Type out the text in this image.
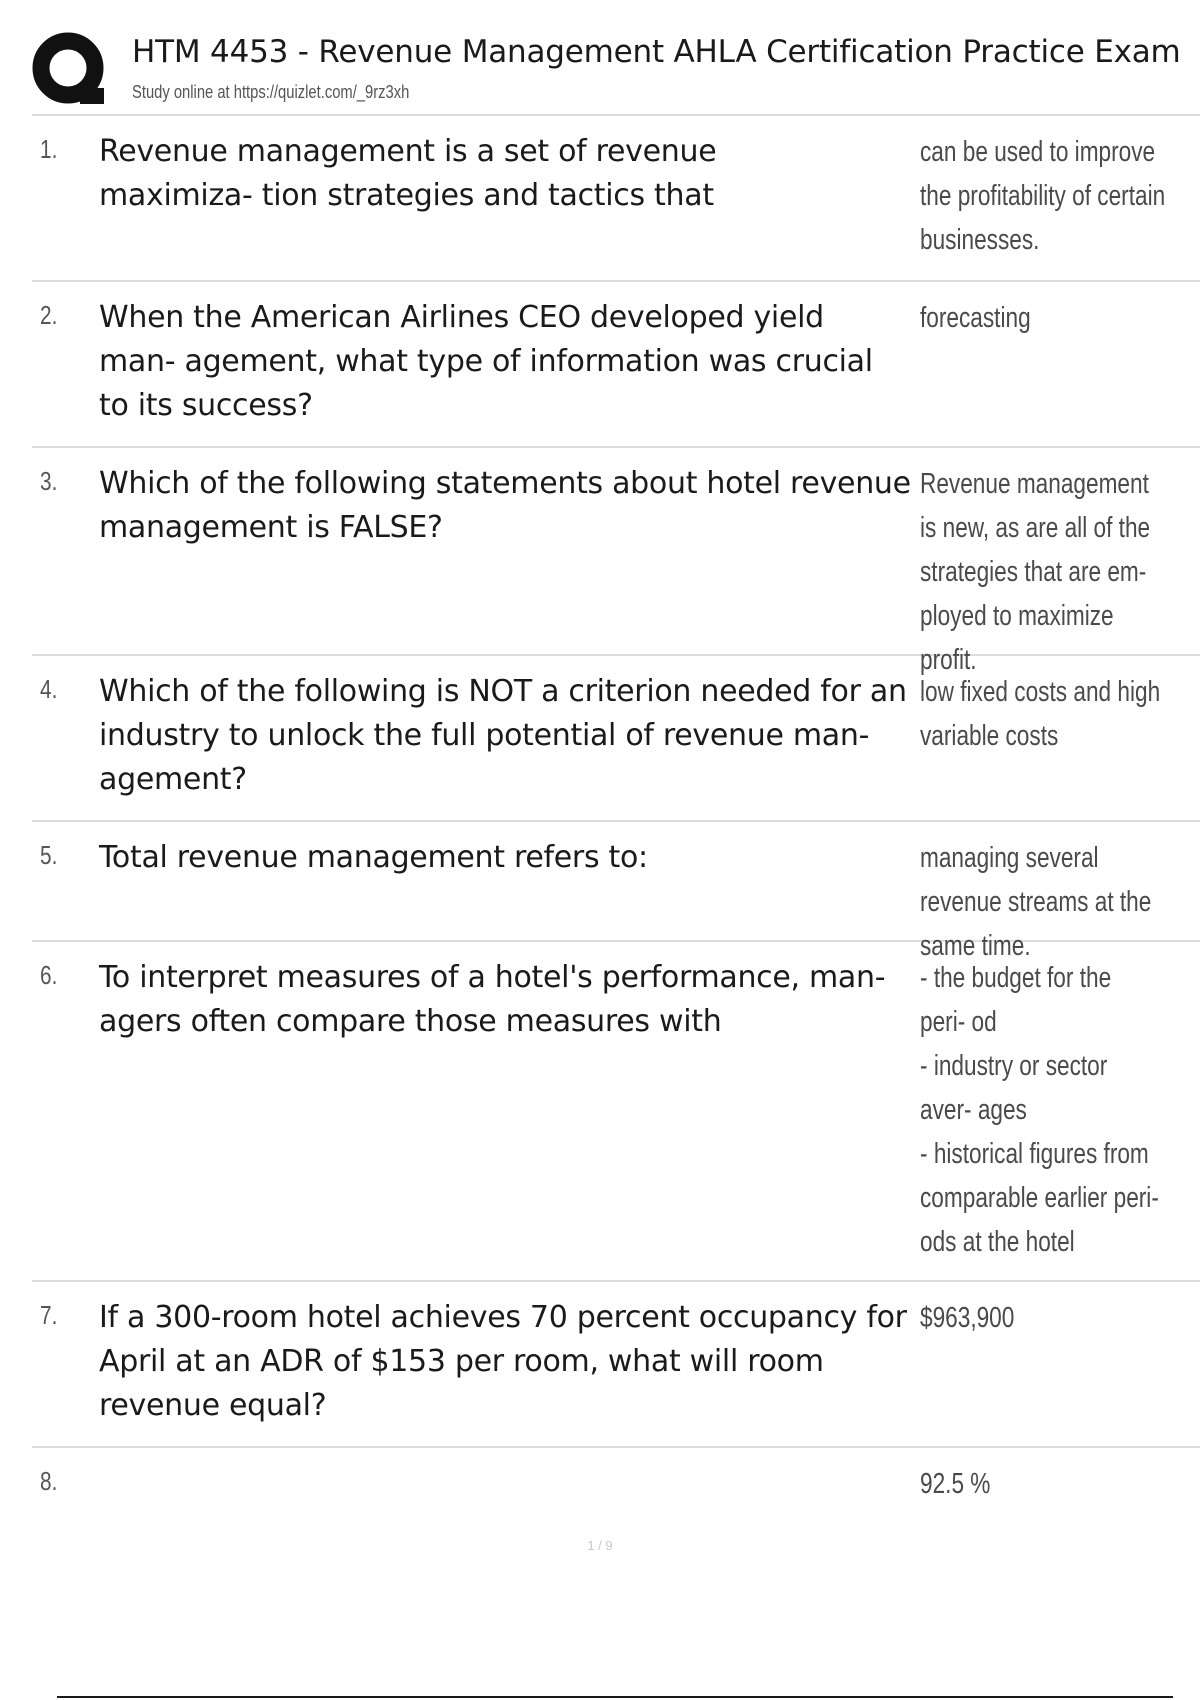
HTM 4453 - Revenue Management AHLA Certification Practice Exam
Study online at https://quizlet.com/_9rz3xh
1. Revenue management is a set of revenue maximiza- tion strategies and tactics that
can be used to improve the profitability of certain businesses.
2. When the American Airlines CEO developed yield man- agement, what type of information was crucial to its success?
forecasting
3. Which of the following statements about hotel revenue management is FALSE?
Revenue management is new, as are all of the strategies that are em- ployed to maximize profit.
4. Which of the following is NOT a criterion needed for an industry to unlock the full potential of revenue man- agement?
low fixed costs and high variable costs
5. Total revenue management refers to:	managing several revenue streams at the same time.
6. To interpret measures of a hotel's performance, man- agers often compare those measures with
- the budget for the peri- od
- industry or sector aver- ages
- historical figures from comparable earlier peri- ods at the hotel
7. If a 300-room hotel achieves 70 percent occupancy for April at an ADR of $153 per room, what will room revenue equal?
$963,900
8.	92.5 %
1 / 9
